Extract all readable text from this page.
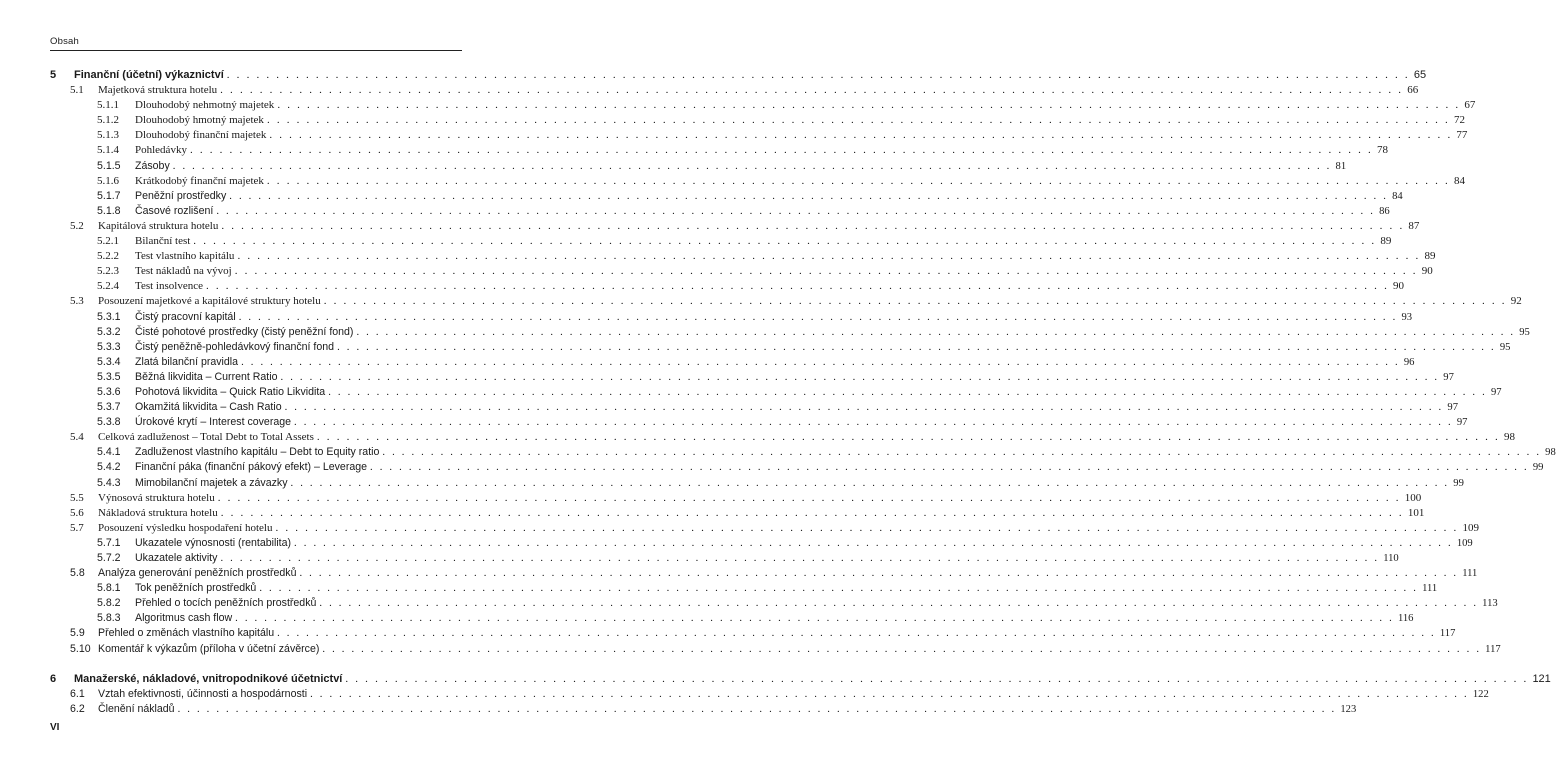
Obsah
5 Finanční (účetní) výkaznictví . . . . . . . . . . . . . . . . . . . . . . . . . . . . . . . . . . . . . . . . . . . . . . . . . . . . . . . . . . . . . . . . . . . . . . . . . . . . . . . . . . . . . . . . . . . . . . . . . . . . . . . . . . . . . . . . . . . . . . . . 65
5.1 Majetková struktura hotelu . . . . . . . . . . . . . . . . . . . . . . . . . . . . . . . . . . . . . . . . . . . . . . . . . . . . . . . . . . . . . . . . . . . . . . . . . . . . . . . . . . . . . . . . . . . . . . . . . . . . . . . . . . . . . . . . . . . . . . . . 66
5.1.1 Dlouhodobý nehmotný majetek . . . . . . . . . . . . . . . . . . . . . . . . . . . . . . . . . . . . . . . . . . . . . . . . . . . . . . . . . . . . . . . . . . . . . . . . . . . . . . . . . . . . . . . . . . . . . . . . . . . . . . . . . . . . . . . . . . . . . . . . 67
5.1.2 Dlouhodobý hmotný majetek . . . . . . . . . . . . . . . . . . . . . . . . . . . . . . . . . . . . . . . . . . . . . . . . . . . . . . . . . . . . . . . . . . . . . . . . . . . . . . . . . . . . . . . . . . . . . . . . . . . . . . . . . . . . . . . . . . . . . . . . 72
5.1.3 Dlouhodobý finanční majetek . . . . . . . . . . . . . . . . . . . . . . . . . . . . . . . . . . . . . . . . . . . . . . . . . . . . . . . . . . . . . . . . . . . . . . . . . . . . . . . . . . . . . . . . . . . . . . . . . . . . . . . . . . . . . . . . . . . . . . . . 77
5.1.4 Pohledávky . . . . . . . . . . . . . . . . . . . . . . . . . . . . . . . . . . . . . . . . . . . . . . . . . . . . . . . . . . . . . . . . . . . . . . . . . . . . . . . . . . . . . . . . . . . . . . . . . . . . . . . . . . . . . . . . . . . . . . . . 78
5.1.5 Zásoby . . . . . . . . . . . . . . . . . . . . . . . . . . . . . . . . . . . . . . . . . . . . . . . . . . . . . . . . . . . . . . . . . . . . . . . . . . . . . . . . . . . . . . . . . . . . . . . . . . . . . . . . . . . . . . . . . . . . . . . . 81
5.1.6 Krátkodobý finanční majetek . . . . . . . . . . . . . . . . . . . . . . . . . . . . . . . . . . . . . . . . . . . . . . . . . . . . . . . . . . . . . . . . . . . . . . . . . . . . . . . . . . . . . . . . . . . . . . . . . . . . . . . . . . . . . . . . . . . . . . . . 84
5.1.7 Peněžní prostředky . . . . . . . . . . . . . . . . . . . . . . . . . . . . . . . . . . . . . . . . . . . . . . . . . . . . . . . . . . . . . . . . . . . . . . . . . . . . . . . . . . . . . . . . . . . . . . . . . . . . . . . . . . . . . . . . . . . . . . . . 84
5.1.8 Časové rozlišení . . . . . . . . . . . . . . . . . . . . . . . . . . . . . . . . . . . . . . . . . . . . . . . . . . . . . . . . . . . . . . . . . . . . . . . . . . . . . . . . . . . . . . . . . . . . . . . . . . . . . . . . . . . . . . . . . . . . . . . . 86
5.2 Kapitálová struktura hotelu . . . . . . . . . . . . . . . . . . . . . . . . . . . . . . . . . . . . . . . . . . . . . . . . . . . . . . . . . . . . . . . . . . . . . . . . . . . . . . . . . . . . . . . . . . . . . . . . . . . . . . . . . . . . . . . . . . . . . . . . 87
5.2.1 Bilanční test . . . . . . . . . . . . . . . . . . . . . . . . . . . . . . . . . . . . . . . . . . . . . . . . . . . . . . . . . . . . . . . . . . . . . . . . . . . . . . . . . . . . . . . . . . . . . . . . . . . . . . . . . . . . . . . . . . . . . . . . 89
5.2.2 Test vlastního kapitálu . . . . . . . . . . . . . . . . . . . . . . . . . . . . . . . . . . . . . . . . . . . . . . . . . . . . . . . . . . . . . . . . . . . . . . . . . . . . . . . . . . . . . . . . . . . . . . . . . . . . . . . . . . . . . . . . . . . . . . . . 89
5.2.3 Test nákladů na vývoj . . . . . . . . . . . . . . . . . . . . . . . . . . . . . . . . . . . . . . . . . . . . . . . . . . . . . . . . . . . . . . . . . . . . . . . . . . . . . . . . . . . . . . . . . . . . . . . . . . . . . . . . . . . . . . . . . . . . . . . . 90
5.2.4 Test insolvence . . . . . . . . . . . . . . . . . . . . . . . . . . . . . . . . . . . . . . . . . . . . . . . . . . . . . . . . . . . . . . . . . . . . . . . . . . . . . . . . . . . . . . . . . . . . . . . . . . . . . . . . . . . . . . . . . . . . . . . . 90
5.3 Posouzení majetkové a kapitálové struktury hotelu . . . . . . . . . . . . . . . . . . . . . . . . . . . . . . . . . . . . . . . . . . . . . . . . . . . . . . . . . . . . . . . . . . . . . . . . . . . . . . . . . . . . . . . . . . . . . . . . . . . . . . . . . . . . . . . . . . . . . . . . 92
5.3.1 Čistý pracovní kapitál . . . . . . . . . . . . . . . . . . . . . . . . . . . . . . . . . . . . . . . . . . . . . . . . . . . . . . . . . . . . . . . . . . . . . . . . . . . . . . . . . . . . . . . . . . . . . . . . . . . . . . . . . . . . . . . . . . . . . . . . 93
5.3.2 Čisté pohotové prostředky (čistý peněžní fond) . . . . . . . . . . . . . . . . . . . . . . . . . . . . . . . . . . . . . . . . . . . . . . . . . . . . . . . . . . . . . . . . . . . . . . . . . . . . . . . . . . . . . . . . . . . . . . . . . . . . . . . . . . . . . . . . . . . . . . . . 95
5.3.3 Čistý peněžně-pohledávkový finanční fond . . . . . . . . . . . . . . . . . . . . . . . . . . . . . . . . . . . . . . . . . . . . . . . . . . . . . . . . . . . . . . . . . . . . . . . . . . . . . . . . . . . . . . . . . . . . . . . . . . . . . . . . . . . . . . . . . . . . . . . . 95
5.3.4 Zlatá bilanční pravidla . . . . . . . . . . . . . . . . . . . . . . . . . . . . . . . . . . . . . . . . . . . . . . . . . . . . . . . . . . . . . . . . . . . . . . . . . . . . . . . . . . . . . . . . . . . . . . . . . . . . . . . . . . . . . . . . . . . . . . . . 96
5.3.5 Běžná likvidita – Current Ratio . . . . . . . . . . . . . . . . . . . . . . . . . . . . . . . . . . . . . . . . . . . . . . . . . . . . . . . . . . . . . . . . . . . . . . . . . . . . . . . . . . . . . . . . . . . . . . . . . . . . . . . . . . . . . . . . . . . . . . . . 97
5.3.6 Pohotová likvidita – Quick Ratio Likvidita . . . . . . . . . . . . . . . . . . . . . . . . . . . . . . . . . . . . . . . . . . . . . . . . . . . . . . . . . . . . . . . . . . . . . . . . . . . . . . . . . . . . . . . . . . . . . . . . . . . . . . . . . . . . . . . . . . . . . . . . 97
5.3.7 Okamžitá likvidita – Cash Ratio . . . . . . . . . . . . . . . . . . . . . . . . . . . . . . . . . . . . . . . . . . . . . . . . . . . . . . . . . . . . . . . . . . . . . . . . . . . . . . . . . . . . . . . . . . . . . . . . . . . . . . . . . . . . . . . . . . . . . . . . 97
5.3.8 Úrokové krytí – Interest coverage . . . . . . . . . . . . . . . . . . . . . . . . . . . . . . . . . . . . . . . . . . . . . . . . . . . . . . . . . . . . . . . . . . . . . . . . . . . . . . . . . . . . . . . . . . . . . . . . . . . . . . . . . . . . . . . . . . . . . . . . 97
5.4 Celková zadluženost – Total Debt to Total Assets . . . . . . . . . . . . . . . . . . . . . . . . . . . . . . . . . . . . . . . . . . . . . . . . . . . . . . . . . . . . . . . . . . . . . . . . . . . . . . . . . . . . . . . . . . . . . . . . . . . . . . . . . . . . . . . . . . . . . . . . 98
5.4.1 Zadluženost vlastního kapitálu – Debt to Equity ratio . . . . . . . . . . . . . . . . . . . . . . . . . . . . . . . . . . . . . . . . . . . . . . . . . . . . . . . . . . . . . . . . . . . . . . . . . . . . . . . . . . . . . . . . . . . . . . . . . . . . . . . . . . . . . . . . . . . . . . . . 98
5.4.2 Finanční páka (finanční pákový efekt) – Leverage . . . . . . . . . . . . . . . . . . . . . . . . . . . . . . . . . . . . . . . . . . . . . . . . . . . . . . . . . . . . . . . . . . . . . . . . . . . . . . . . . . . . . . . . . . . . . . . . . . . . . . . . . . . . . . . . . . . . . . . . 99
5.4.3 Mimobilanční majetek a závazky . . . . . . . . . . . . . . . . . . . . . . . . . . . . . . . . . . . . . . . . . . . . . . . . . . . . . . . . . . . . . . . . . . . . . . . . . . . . . . . . . . . . . . . . . . . . . . . . . . . . . . . . . . . . . . . . . . . . . . . . 99
5.5 Výnosová struktura hotelu . . . . . . . . . . . . . . . . . . . . . . . . . . . . . . . . . . . . . . . . . . . . . . . . . . . . . . . . . . . . . . . . . . . . . . . . . . . . . . . . . . . . . . . . . . . . . . . . . . . . . . . . . . . . . . . . . . . . . . . . 100
5.6 Nákladová struktura hotelu . . . . . . . . . . . . . . . . . . . . . . . . . . . . . . . . . . . . . . . . . . . . . . . . . . . . . . . . . . . . . . . . . . . . . . . . . . . . . . . . . . . . . . . . . . . . . . . . . . . . . . . . . . . . . . . . . . . . . . . . 101
5.7 Posouzení výsledku hospodaření hotelu . . . . . . . . . . . . . . . . . . . . . . . . . . . . . . . . . . . . . . . . . . . . . . . . . . . . . . . . . . . . . . . . . . . . . . . . . . . . . . . . . . . . . . . . . . . . . . . . . . . . . . . . . . . . . . . . . . . . . . . . 109
5.7.1 Ukazatele výnosnosti (rentabilita) . . . . . . . . . . . . . . . . . . . . . . . . . . . . . . . . . . . . . . . . . . . . . . . . . . . . . . . . . . . . . . . . . . . . . . . . . . . . . . . . . . . . . . . . . . . . . . . . . . . . . . . . . . . . . . . . . . . . . . . . 109
5.7.2 Ukazatele aktivity . . . . . . . . . . . . . . . . . . . . . . . . . . . . . . . . . . . . . . . . . . . . . . . . . . . . . . . . . . . . . . . . . . . . . . . . . . . . . . . . . . . . . . . . . . . . . . . . . . . . . . . . . . . . . . . . . . . . . . . . 110
5.8 Analýza generování peněžních prostředků . . . . . . . . . . . . . . . . . . . . . . . . . . . . . . . . . . . . . . . . . . . . . . . . . . . . . . . . . . . . . . . . . . . . . . . . . . . . . . . . . . . . . . . . . . . . . . . . . . . . . . . . . . . . . . . . . . . . . . . . 111
5.8.1 Tok peněžních prostředků . . . . . . . . . . . . . . . . . . . . . . . . . . . . . . . . . . . . . . . . . . . . . . . . . . . . . . . . . . . . . . . . . . . . . . . . . . . . . . . . . . . . . . . . . . . . . . . . . . . . . . . . . . . . . . . . . . . . . . . . 111
5.8.2 Přehled o tocích peněžních prostředků . . . . . . . . . . . . . . . . . . . . . . . . . . . . . . . . . . . . . . . . . . . . . . . . . . . . . . . . . . . . . . . . . . . . . . . . . . . . . . . . . . . . . . . . . . . . . . . . . . . . . . . . . . . . . . . . . . . . . . . . 113
5.8.3 Algoritmus cash flow . . . . . . . . . . . . . . . . . . . . . . . . . . . . . . . . . . . . . . . . . . . . . . . . . . . . . . . . . . . . . . . . . . . . . . . . . . . . . . . . . . . . . . . . . . . . . . . . . . . . . . . . . . . . . . . . . . . . . . . . 116
5.9 Přehled o změnách vlastního kapitálu . . . . . . . . . . . . . . . . . . . . . . . . . . . . . . . . . . . . . . . . . . . . . . . . . . . . . . . . . . . . . . . . . . . . . . . . . . . . . . . . . . . . . . . . . . . . . . . . . . . . . . . . . . . . . . . . . . . . . . . . 117
5.10 Komentář k výkazům (příloha v účetní závěrce) . . . . . . . . . . . . . . . . . . . . . . . . . . . . . . . . . . . . . . . . . . . . . . . . . . . . . . . . . . . . . . . . . . . . . . . . . . . . . . . . . . . . . . . . . . . . . . . . . . . . . . . . . . . . . . . . . . . . . . . . 117
6 Manažerské, nákladové, vnitropodnikové účetnictví . . . . . . . . . . . . . . . . . . . . . . . . . . . . . . . . . . . . . . . . . . . . . . . . . . . . . . . . . . . . . . . . . . . . . . . . . . . . . . . . . . . . . . . . . . . . . . . . . . . . . . . . . . . . . . . . . . . . . . . . 121
6.1 Vztah efektivnosti, účinnosti a hospodárnosti . . . . . . . . . . . . . . . . . . . . . . . . . . . . . . . . . . . . . . . . . . . . . . . . . . . . . . . . . . . . . . . . . . . . . . . . . . . . . . . . . . . . . . . . . . . . . . . . . . . . . . . . . . . . . . . . . . . . . . . . 122
6.2 Členění nákladů . . . . . . . . . . . . . . . . . . . . . . . . . . . . . . . . . . . . . . . . . . . . . . . . . . . . . . . . . . . . . . . . . . . . . . . . . . . . . . . . . . . . . . . . . . . . . . . . . . . . . . . . . . . . . . . . . . . . . . . . 123
VI
